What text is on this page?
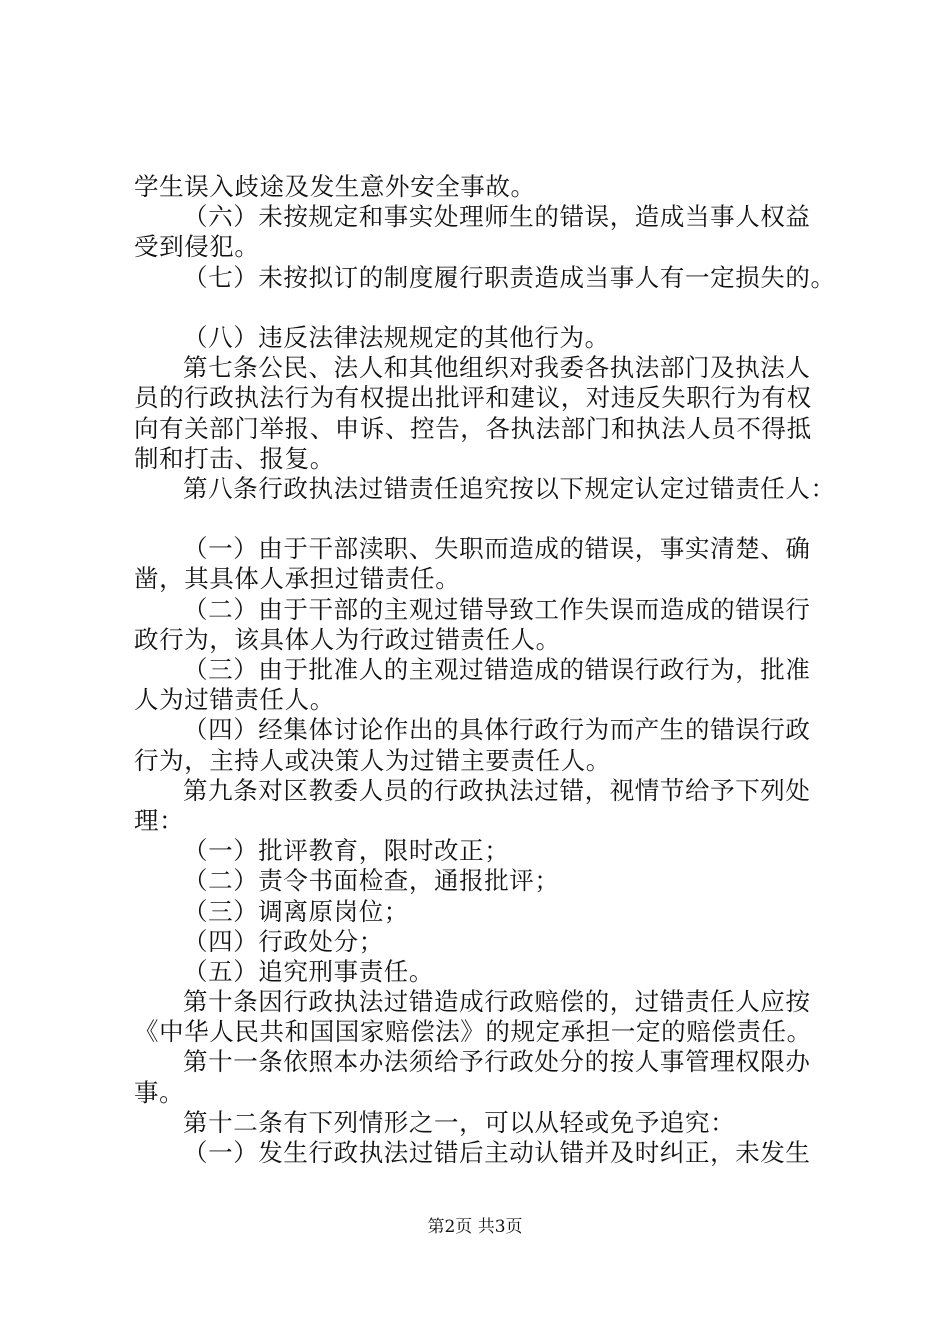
学生误入歧途及发生意外安全事故。
（六）未按规定和事实处理师生的错误，造成当事人权益
受到侵犯。
（七）未按拟订的制度履行职责造成当事人有一定损失的。
（八）违反法律法规规定的其他行为。
第七条公民、法人和其他组织对我委各执法部门及执法人
员的行政执法行为有权提出批评和建议，对违反失职行为有权
向有关部门举报、申诉、控告，各执法部门和执法人员不得抵
制和打击、报复。
第八条行政执法过错责任追究按以下规定认定过错责任人：
（一）由于干部渎职、失职而造成的错误，事实清楚、确
凿，其具体人承担过错责任。
（二）由于干部的主观过错导致工作失误而造成的错误行
政行为，该具体人为行政过错责任人。
（三）由于批准人的主观过错造成的错误行政行为，批准
人为过错责任人。
（四）经集体讨论作出的具体行政行为而产生的错误行政
行为，主持人或决策人为过错主要责任人。
第九条对区教委人员的行政执法过错，视情节给予下列处
理：
（一）批评教育，限时改正；
（二）责令书面检查，通报批评；
（三）调离原岗位；
（四）行政处分；
（五）追究刑事责任。
第十条因行政执法过错造成行政赔偿的，过错责任人应按
《中华人民共和国国家赔偿法》的规定承担一定的赔偿责任。
第十一条依照本办法须给予行政处分的按人事管理权限办
事。
第十二条有下列情形之一，可以从轻或免予追究：
（一）发生行政执法过错后主动认错并及时纠正，未发生
第2页 共3页
